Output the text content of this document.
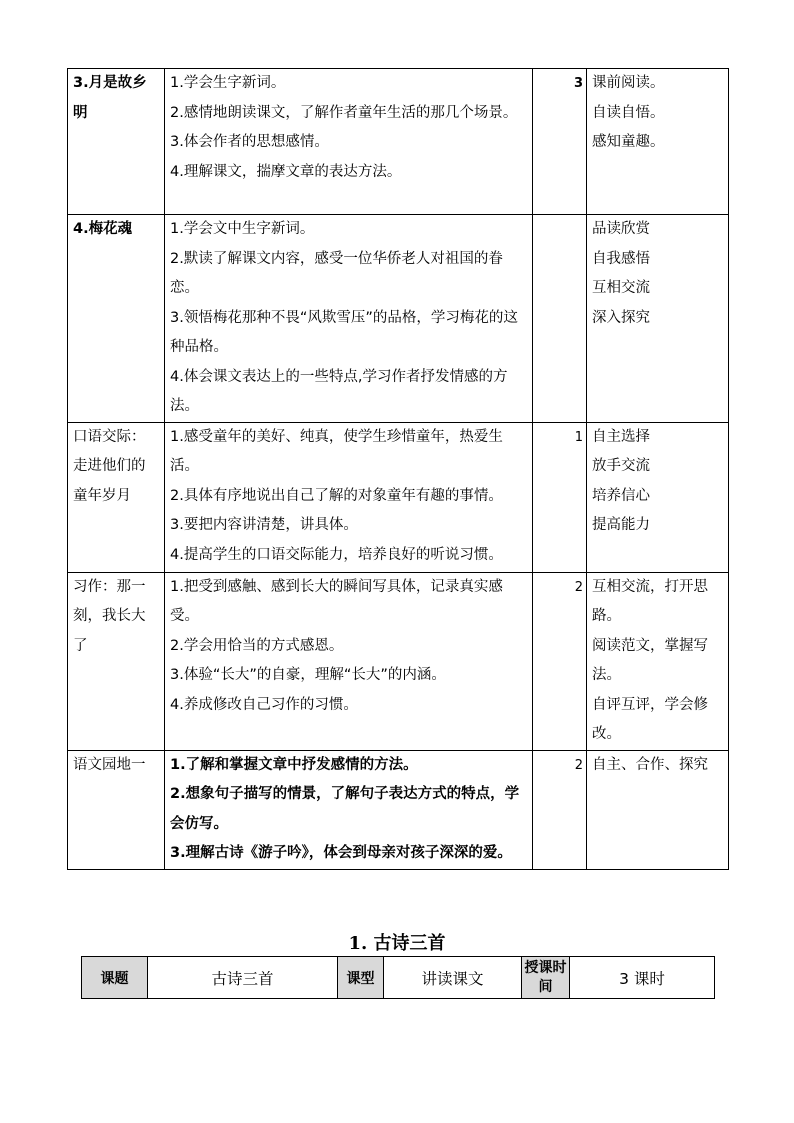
3.月是故乡明	1.学会生字新词。
2.感情地朗读课文，了解作者童年生活的那几个场景。
3.体会作者的思想感情。
4.理解课文，揣摩文章的表达方法。	3	课前阅读。
自读自悟。
感知童趣。

4.梅花魂	1.学会文中生字新词。
2.默读了解课文内容，感受一位华侨老人对祖国的眷恋。
3.领悟梅花那种不畏“风欺雪压”的品格，学习梅花的这种品格。
4.体会课文表达上的一些特点,学习作者抒发情感的方法。		品读欣赏
自我感悟
互相交流
深入探究

口语交际：走进他们的童年岁月	1.感受童年的美好、纯真，使学生珍惜童年，热爱生活。
2.具体有序地说出自己了解的对象童年有趣的事情。
3.要把内容讲清楚，讲具体。
4.提高学生的口语交际能力，培养良好的听说习惯。	1	自主选择
放手交流
培养信心
提高能力

习作：那一刻，我长大了	1.把受到感触、感到长大的瞬间写具体，记录真实感受。
2.学会用恰当的方式感恩。
3.体验“长大”的自豪，理解“长大”的内涵。
4.养成修改自己习作的习惯。	2	互相交流，打开思路。
阅读范文，掌握写法。
自评互评，学会修改。

语文园地一	1.了解和掌握文章中抒发感情的方法。
2.想象句子描写的情景，了解句子表达方式的特点，学会仿写。
3.理解古诗《游子吟》，体会到母亲对孩子深深的爱。	2	自主、合作、探究
1. 古诗三首
课题	古诗三首	课型	讲读课文	授课时间	3 课时
